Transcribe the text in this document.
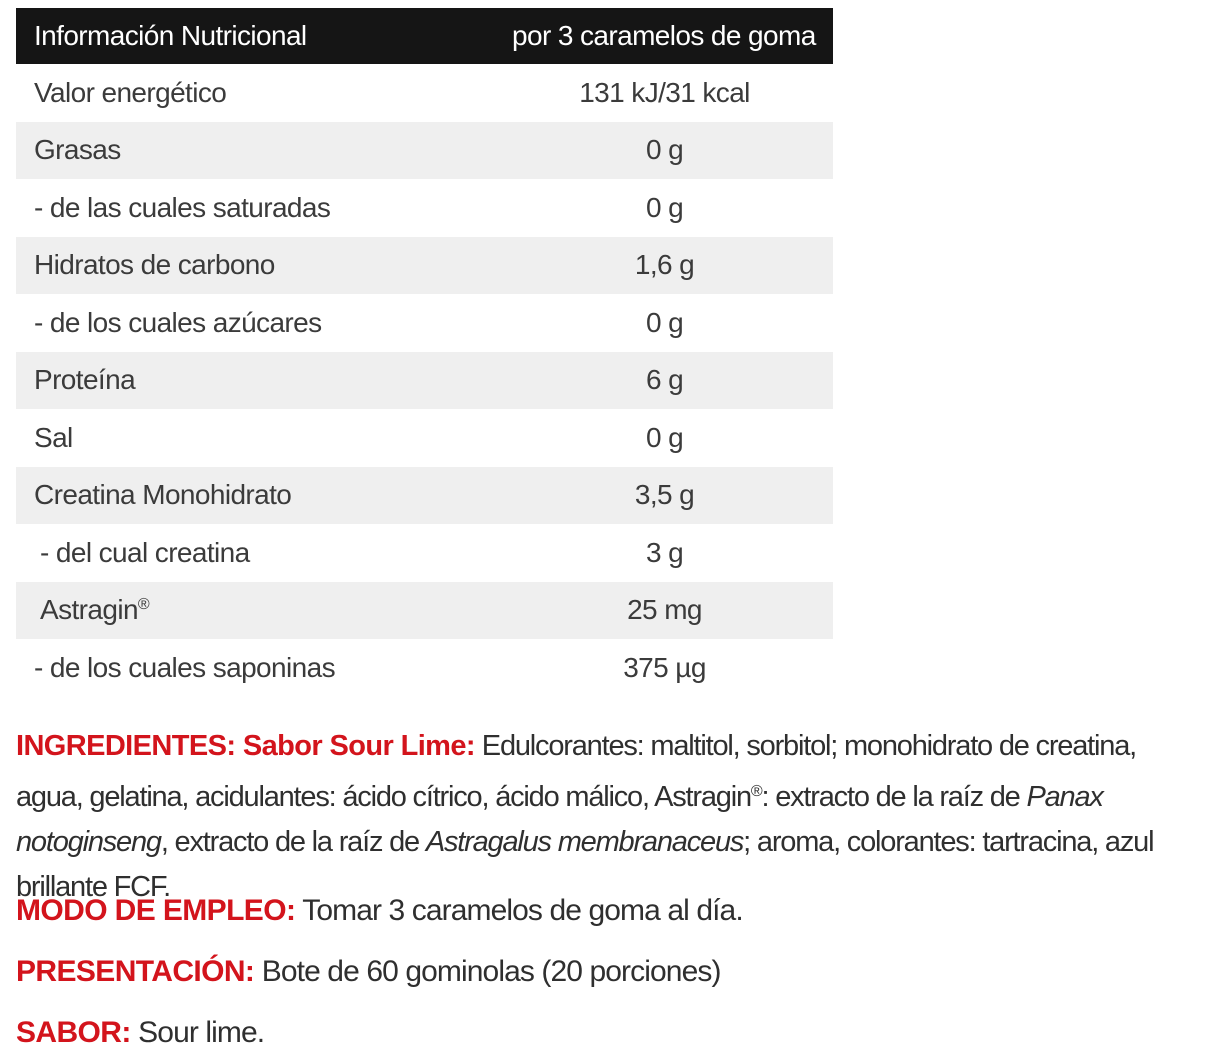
Información Nutricional	por 3 caramelos de goma
Valor energético	131 kJ/31 kcal
Grasas	0 g
- de las cuales saturadas	0 g
Hidratos de carbono	1,6 g
- de los cuales azúcares	0 g
Proteína	6 g
Sal	0 g
Creatina Monohidrato	3,5 g
- del cual creatina	3 g
Astragin®	25 mg
- de los cuales saponinas	375 µg
INGREDIENTES: Sabor Sour Lime: Edulcorantes: maltitol, sorbitol; monohidrato de creatina, agua, gelatina, acidulantes: ácido cítrico, ácido málico, Astragin®: extracto de la raíz de Panax notoginseng, extracto de la raíz de Astragalus membranaceus; aroma, colorantes: tartracina, azul brillante FCF.
MODO DE EMPLEO: Tomar 3 caramelos de goma al día.
PRESENTACIÓN: Bote de 60 gominolas (20 porciones)
SABOR: Sour lime.
